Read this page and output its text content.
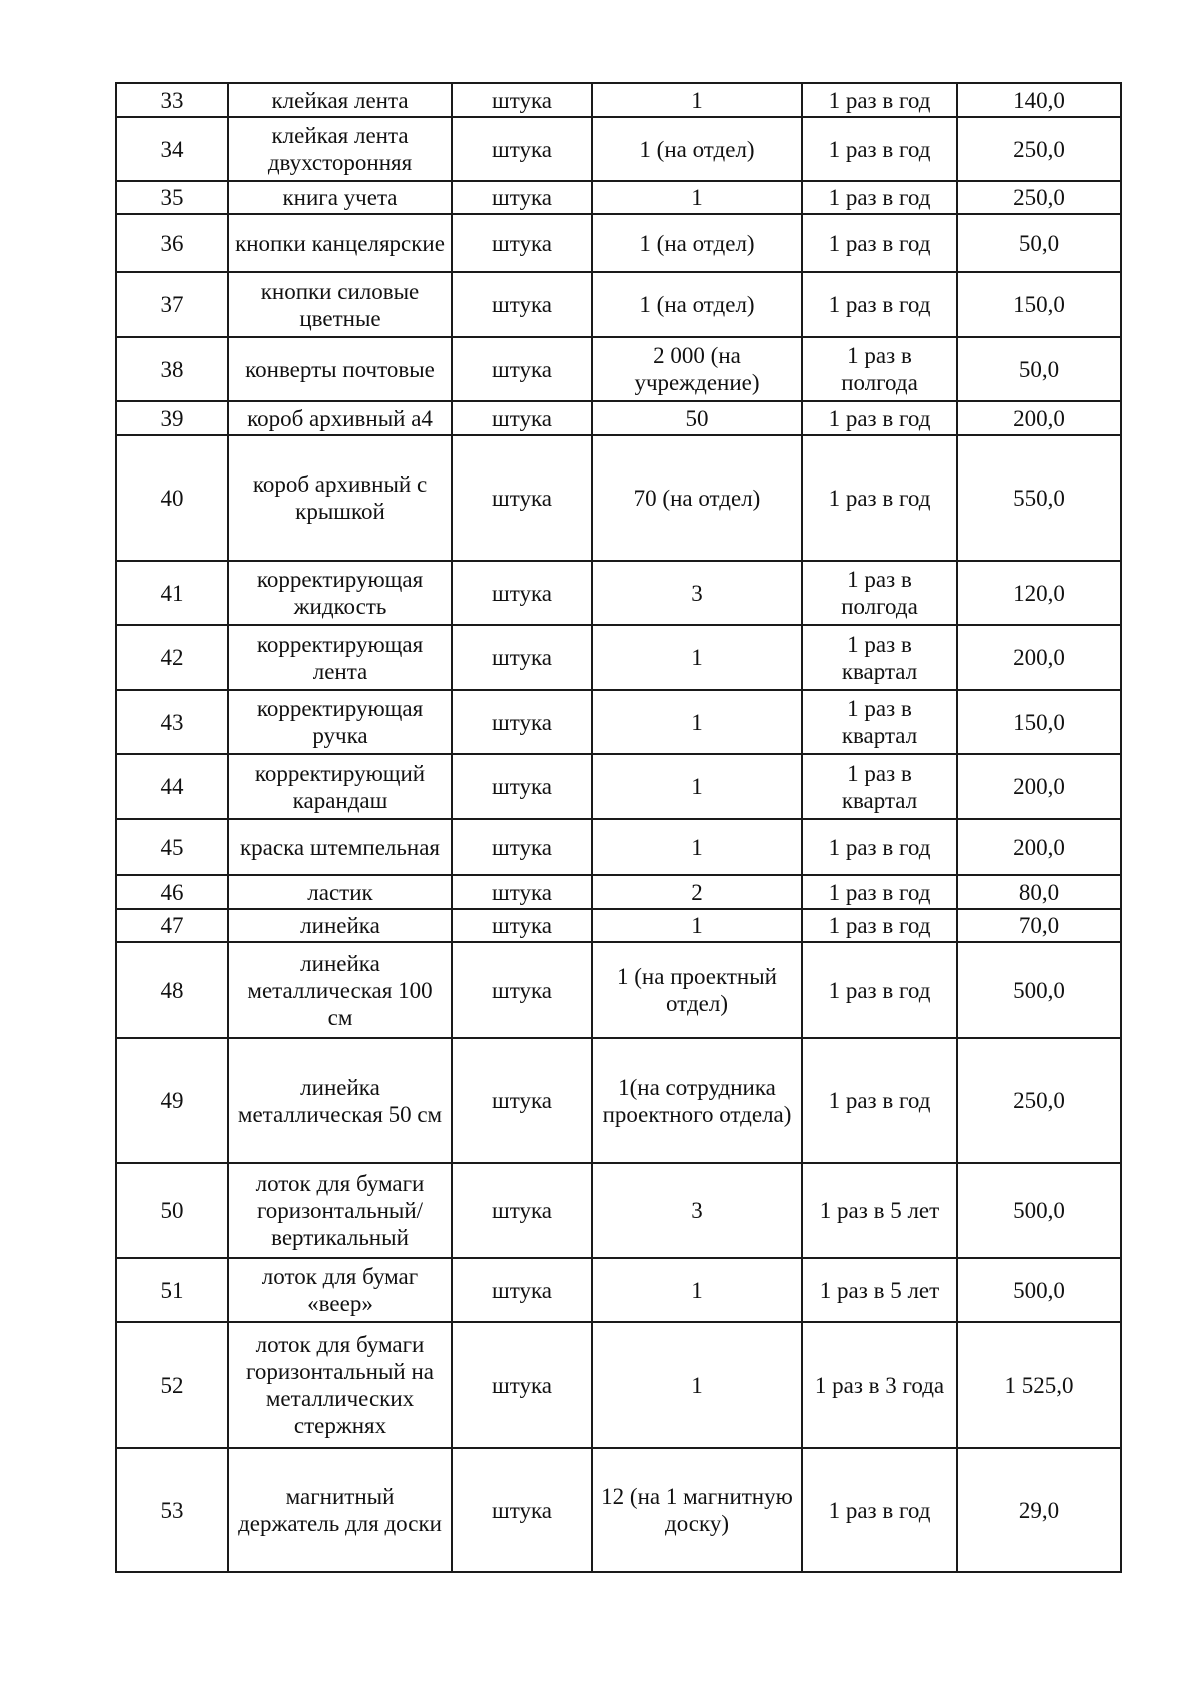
33	клейкая лента	штука	1	1 раз в год	140,0
34	клейкая лента двухсторонняя	штука	1 (на отдел)	1 раз в год	250,0
35	книга учета	штука	1	1 раз в год	250,0
36	кнопки канцелярские	штука	1 (на отдел)	1 раз в год	50,0
37	кнопки силовые цветные	штука	1 (на отдел)	1 раз в год	150,0
38	конверты почтовые	штука	2 000 (на учреждение)	1 раз в полгода	50,0
39	короб архивный а4	штука	50	1 раз в год	200,0
40	короб архивный с крышкой	штука	70 (на отдел)	1 раз в год	550,0
41	корректирующая жидкость	штука	3	1 раз в полгода	120,0
42	корректирующая лента	штука	1	1 раз в квартал	200,0
43	корректирующая ручка	штука	1	1 раз в квартал	150,0
44	корректирующий карандаш	штука	1	1 раз в квартал	200,0
45	краска штемпельная	штука	1	1 раз в год	200,0
46	ластик	штука	2	1 раз в год	80,0
47	линейка	штука	1	1 раз в год	70,0
48	линейка металлическая 100 см	штука	1 (на проектный отдел)	1 раз в год	500,0
49	линейка металлическая 50 см	штука	1(на сотрудника проектного отдела)	1 раз в год	250,0
50	лоток для бумаги горизонтальный/вертикальный	штука	3	1 раз в 5 лет	500,0
51	лоток для бумаг «веер»	штука	1	1 раз в 5 лет	500,0
52	лоток для бумаги горизонтальный на металлических стержнях	штука	1	1 раз в 3 года	1 525,0
53	магнитный держатель для доски	штука	12 (на 1 магнитную доску)	1 раз в год	29,0
